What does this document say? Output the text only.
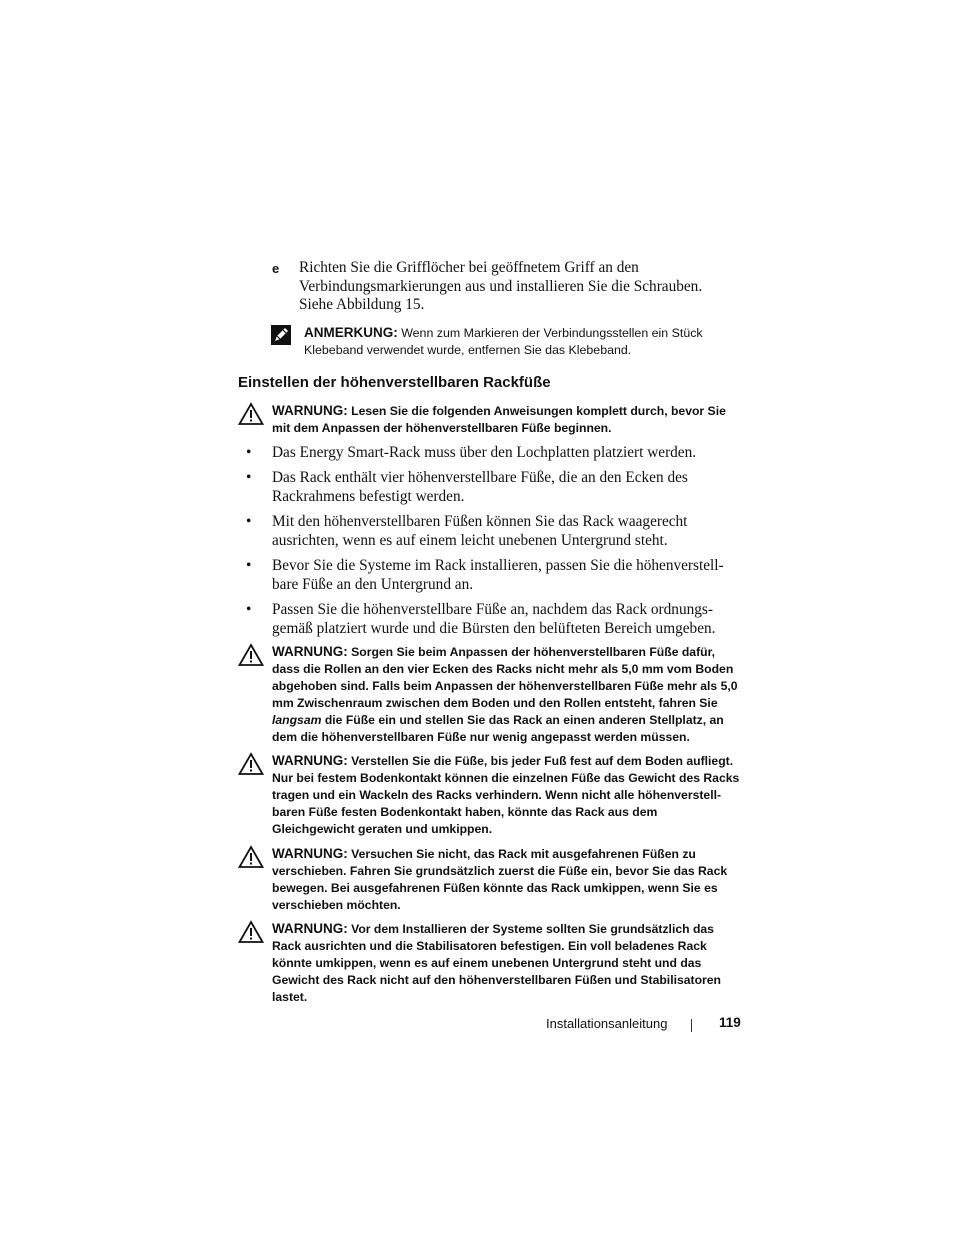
e Richten Sie die Grifflöcher bei geöffnetem Griff an den Verbindungsmarkierungen aus und installieren Sie die Schrauben. Siehe Abbildung 15.
ANMERKUNG: Wenn zum Markieren der Verbindungsstellen ein Stück Klebeband verwendet wurde, entfernen Sie das Klebeband.
Einstellen der höhenverstellbaren Rackfüße
WARNUNG: Lesen Sie die folgenden Anweisungen komplett durch, bevor Sie mit dem Anpassen der höhenverstellbaren Füße beginnen.
• Das Energy Smart-Rack muss über den Lochplatten platziert werden.
• Das Rack enthält vier höhenverstellbare Füße, die an den Ecken des Rackrahmens befestigt werden.
• Mit den höhenverstellbaren Füßen können Sie das Rack waagerecht ausrichten, wenn es auf einem leicht unebenen Untergrund steht.
• Bevor Sie die Systeme im Rack installieren, passen Sie die höhenverstell-bare Füße an den Untergrund an.
• Passen Sie die höhenverstellbare Füße an, nachdem das Rack ordnungs-gemäß platziert wurde und die Bürsten den belüfteten Bereich umgeben.
WARNUNG: Sorgen Sie beim Anpassen der höhenverstellbaren Füße dafür, dass die Rollen an den vier Ecken des Racks nicht mehr als 5,0 mm vom Boden abgehoben sind. Falls beim Anpassen der höhenverstellbaren Füße mehr als 5,0 mm Zwischenraum zwischen dem Boden und den Rollen entsteht, fahren Sie langsam die Füße ein und stellen Sie das Rack an einen anderen Stellplatz, an dem die höhenverstellbaren Füße nur wenig angepasst werden müssen.
WARNUNG: Verstellen Sie die Füße, bis jeder Fuß fest auf dem Boden aufliegt. Nur bei festem Bodenkontakt können die einzelnen Füße das Gewicht des Racks tragen und ein Wackeln des Racks verhindern. Wenn nicht alle höhenverstell-baren Füße festen Bodenkontakt haben, könnte das Rack aus dem Gleichgewicht geraten und umkippen.
WARNUNG: Versuchen Sie nicht, das Rack mit ausgefahrenen Füßen zu verschieben. Fahren Sie grundsätzlich zuerst die Füße ein, bevor Sie das Rack bewegen. Bei ausgefahrenen Füßen könnte das Rack umkippen, wenn Sie es verschieben möchten.
WARNUNG: Vor dem Installieren der Systeme sollten Sie grundsätzlich das Rack ausrichten und die Stabilisatoren befestigen. Ein voll beladenes Rack könnte umkippen, wenn es auf einem unebenen Untergrund steht und das Gewicht des Rack nicht auf den höhenverstellbaren Füßen und Stabilisatoren lastet.
Installationsanleitung	119
